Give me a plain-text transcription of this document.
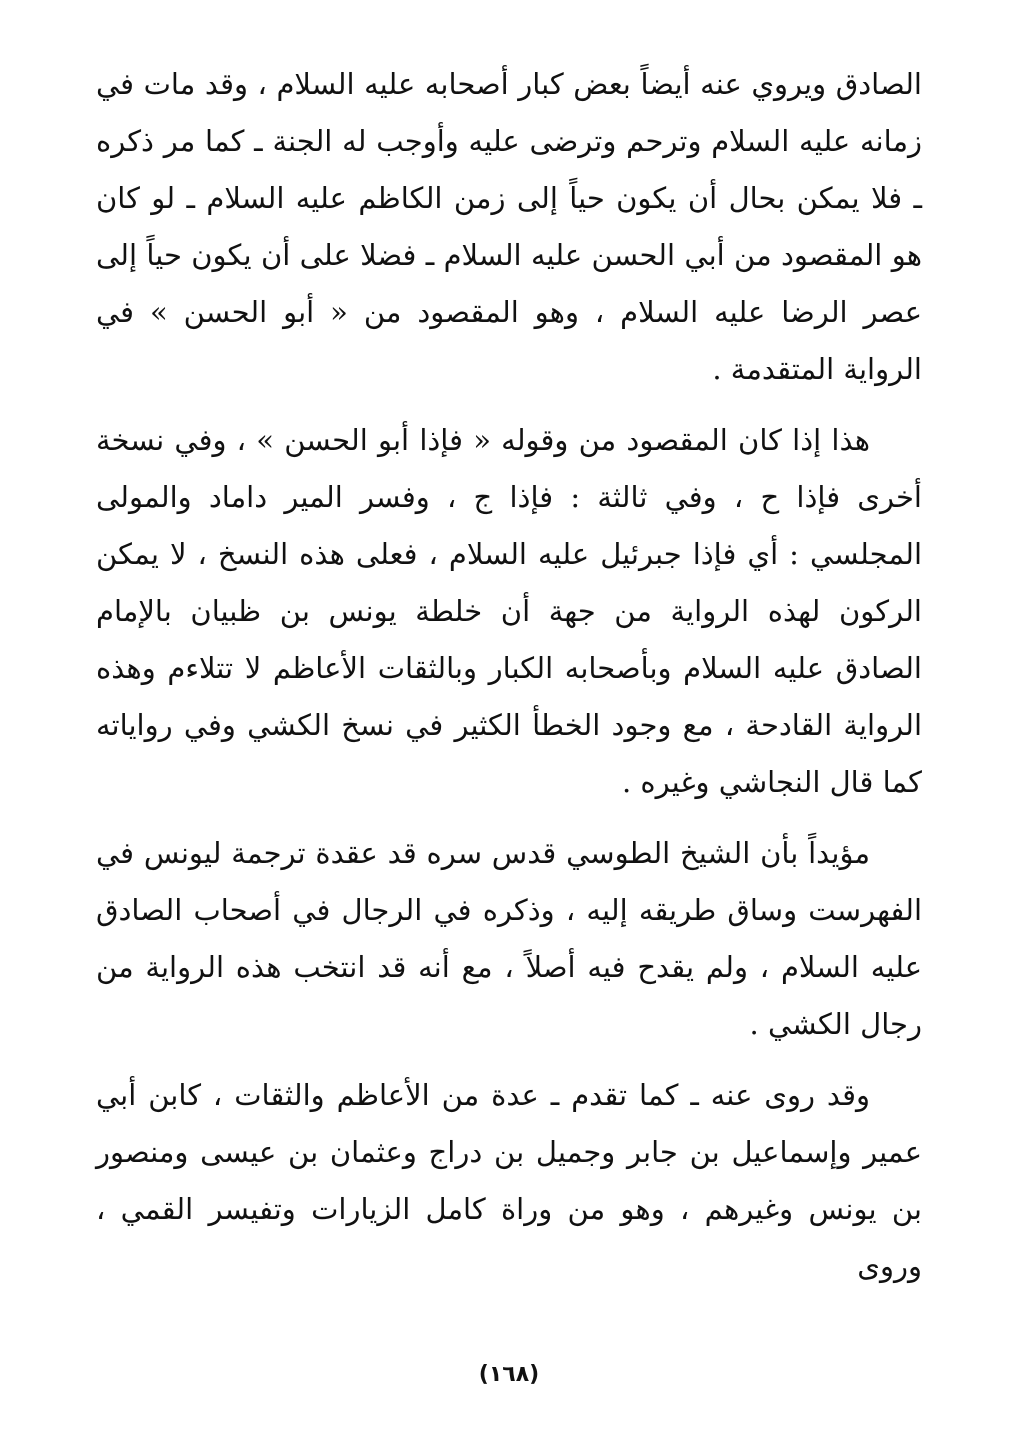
الصادق ويروي عنه أيضاً بعض كبار أصحابه عليه السلام ، وقد مات في زمانه عليه السلام وترحم وترضى عليه وأوجب له الجنة ـ كما مر ذكره ـ فلا يمكن بحال أن يكون حياً إلى زمن الكاظم عليه السلام ـ لو كان هو المقصود من أبي الحسن عليه السلام ـ فضلا على أن يكون حياً إلى عصر الرضا عليه السلام ، وهو المقصود من « أبو الحسن » في الرواية المتقدمة .

هذا إذا كان المقصود من وقوله « فإذا أبو الحسن » ، وفي نسخة أخرى فإذا ح ، وفي ثالثة : فإذا ج ، وفسر المير داماد والمولى المجلسي : أي فإذا جبرئيل عليه السلام ، فعلى هذه النسخ ، لا يمكن الركون لهذه الرواية من جهة أن خلطة يونس بن ظبيان بالإمام الصادق عليه السلام وبأصحابه الكبار وبالثقات الأعاظم لا تتلاءم وهذه الرواية القادحة ، مع وجود الخطأ الكثير في نسخ الكشي وفي رواياته كما قال النجاشي وغيره .

مؤيداً بأن الشيخ الطوسي قدس سره قد عقدة ترجمة ليونس في الفهرست وساق طريقه إليه ، وذكره في الرجال في أصحاب الصادق عليه السلام ، ولم يقدح فيه أصلاً ، مع أنه قد انتخب هذه الرواية من رجال الكشي .

وقد روى عنه ـ كما تقدم ـ عدة من الأعاظم والثقات ، كابن أبي عمير وإسماعيل بن جابر وجميل بن دراج وعثمان بن عيسى ومنصور بن يونس وغيرهم ، وهو من وراة كامل الزيارات وتفيسر القمي ، وروى

(١٦٨)
